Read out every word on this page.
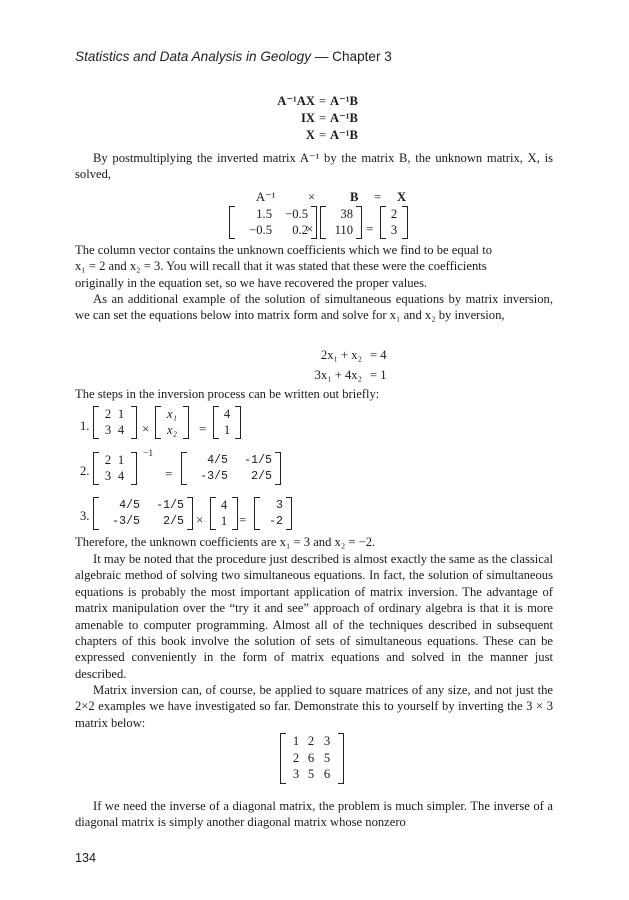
Statistics and Data Analysis in Geology — Chapter 3
A⁻¹AX = A⁻¹B
IX = A⁻¹B
X = A⁻¹B
By postmultiplying the inverted matrix A⁻¹ by the matrix B, the unknown matrix, X, is solved,
A⁻¹	×	B = X
1.5	−0.5
−0.5	0.2
×
38
110 =
2
3

The column vector contains the unknown coefficients which we find to be equal to

x₁ = 2 and x₂ = 3. You will recall that it was stated that these were the coefficients

originally in the equation set, so we have recovered the proper values.

As an additional example of the solution of simultaneous equations by matrix inversion, we can set the equations below into matrix form and solve for x₁ and x₂ by inversion,
2x₁ + x₂ = 4
3x₁ + 4x₂ = 1
The steps in the inversion process can be written out briefly:
1.
2 1
3 4 ×
x₁
x₂ =
4
1
2.
2 1
3 4
−1
=
4/5	-1/5
-3/5	2/5
3.
4/5	-1/5
-3/5	2/5 ×
4
1 =
3
-2
Therefore, the unknown coefficients are x₁ = 3 and x₂ = −2.
It may be noted that the procedure just described is almost exactly the same as the classical algebraic method of solving two simultaneous equations. In fact, the solution of simultaneous equations is probably the most important application of matrix inversion. The advantage of matrix manipulation over the “try it and see” approach of ordinary algebra is that it is more amenable to computer programming. Almost all of the techniques described in subsequent chapters of this book involve the solution of sets of simultaneous equations. These can be expressed conveniently in the form of matrix equations and solved in the manner just described.
Matrix inversion can, of course, be applied to square matrices of any size, and not just the 2×2 examples we have investigated so far. Demonstrate this to yourself by inverting the 3 × 3 matrix below:
1 2 3
2 6 5
3 5 6
If we need the inverse of a diagonal matrix, the problem is much simpler. The inverse of a diagonal matrix is simply another diagonal matrix whose nonzero
134
